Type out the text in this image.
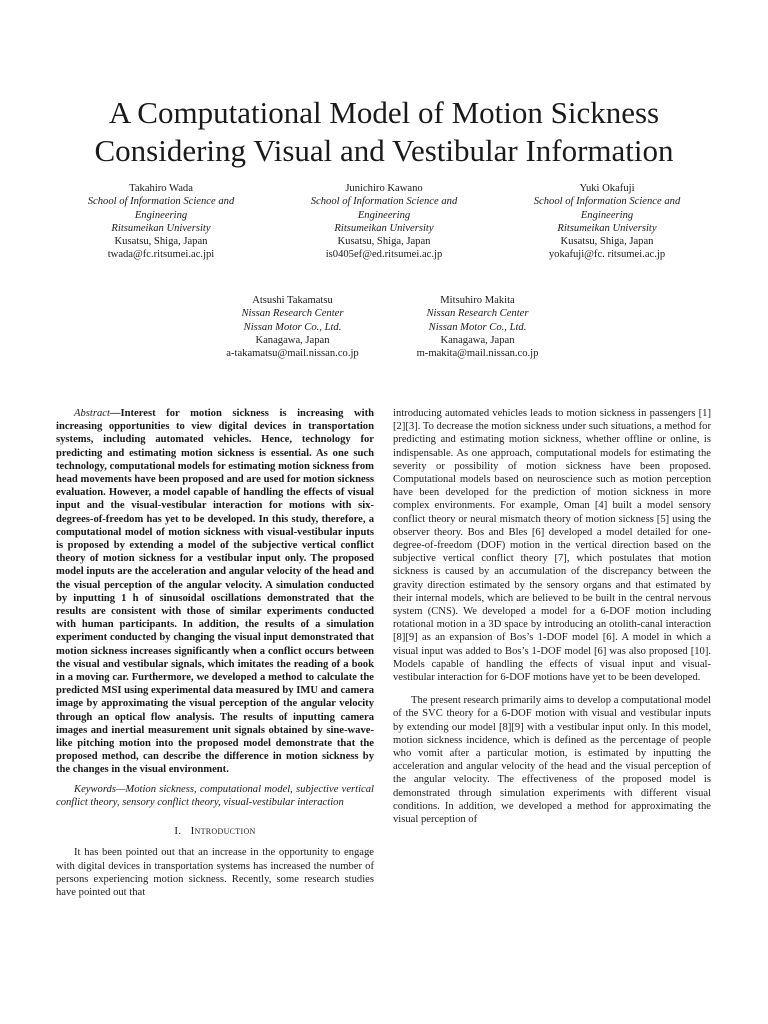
A Computational Model of Motion Sickness
Considering Visual and Vestibular Information
Takahiro Wada
School of Information Science and
Engineering
Ritsumeikan University
Kusatsu, Shiga, Japan
twada@fc.ritsumei.ac.jpi
Junichiro Kawano
School of Information Science and
Engineering
Ritsumeikan University
Kusatsu, Shiga, Japan
is0405ef@ed.ritsumei.ac.jp
Yuki Okafuji
School of Information Science and
Engineering
Ritsumeikan University
Kusatsu, Shiga, Japan
yokafuji@fc. ritsumei.ac.jp
Atsushi Takamatsu
Nissan Research Center
Nissan Motor Co., Ltd.
Kanagawa, Japan
a-takamatsu@mail.nissan.co.jp
Mitsuhiro Makita
Nissan Research Center
Nissan Motor Co., Ltd.
Kanagawa, Japan
m-makita@mail.nissan.co.jp

Abstract—Interest for motion sickness is increasing with increasing opportunities to view digital devices in transportation systems, including automated vehicles. Hence, technology for predicting and estimating motion sickness is essential. As one such technology, computational models for estimating motion sickness from head movements have been proposed and are used for motion sickness evaluation. However, a model capable of handling the effects of visual input and the visual-vestibular interaction for motions with six-degrees-of-freedom has yet to be developed. In this study, therefore, a computational model of motion sickness with visual-vestibular inputs is proposed by extending a model of the subjective vertical conflict theory of motion sickness for a vestibular input only. The proposed model inputs are the acceleration and angular velocity of the head and the visual perception of the angular velocity. A simulation conducted by inputting 1 h of sinusoidal oscillations demonstrated that the results are consistent with those of similar experiments conducted with human participants. In addition, the results of a simulation experiment conducted by changing the visual input demonstrated that motion sickness increases significantly when a conflict occurs between the visual and vestibular signals, which imitates the reading of a book in a moving car. Furthermore, we developed a method to calculate the predicted MSI using experimental data measured by IMU and camera image by approximating the visual perception of the angular velocity through an optical flow analysis. The results of inputting camera images and inertial measurement unit signals obtained by sine-wave-like pitching motion into the proposed model demonstrate that the proposed method, can describe the difference in motion sickness by the changes in the visual environment.

Keywords—Motion sickness, computational model, subjective vertical conflict theory, sensory conflict theory, visual-vestibular interaction

I. Introduction

It has been pointed out that an increase in the opportunity to engage with digital devices in transportation systems has increased the number of persons experiencing motion sickness. Recently, some research studies have pointed out that

introducing automated vehicles leads to motion sickness in passengers [1][2][3]. To decrease the motion sickness under such situations, a method for predicting and estimating motion sickness, whether offline or online, is indispensable. As one approach, computational models for estimating the severity or possibility of motion sickness have been proposed. Computational models based on neuroscience such as motion perception have been developed for the prediction of motion sickness in more complex environments. For example, Oman [4] built a model sensory conflict theory or neural mismatch theory of motion sickness [5] using the observer theory. Bos and Bles [6] developed a model detailed for one-degree-of-freedom (DOF) motion in the vertical direction based on the subjective vertical conflict theory [7], which postulates that motion sickness is caused by an accumulation of the discrepancy between the gravity direction estimated by the sensory organs and that estimated by their internal models, which are believed to be built in the central nervous system (CNS). We developed a model for a 6-DOF motion including rotational motion in a 3D space by introducing an otolith-canal interaction [8][9] as an expansion of Bos’s 1-DOF model [6]. A model in which a visual input was added to Bos’s 1-DOF model [6] was also proposed [10]. Models capable of handling the effects of visual input and visual-vestibular interaction for 6-DOF motions have yet to be been developed.

The present research primarily aims to develop a computational model of the SVC theory for a 6-DOF motion with visual and vestibular inputs by extending our model [8][9] with a vestibular input only. In this model, motion sickness incidence, which is defined as the percentage of people who vomit after a particular motion, is estimated by inputting the acceleration and angular velocity of the head and the visual perception of the angular velocity. The effectiveness of the proposed model is demonstrated through simulation experiments with different visual conditions. In addition, we developed a method for approximating the visual perception of
